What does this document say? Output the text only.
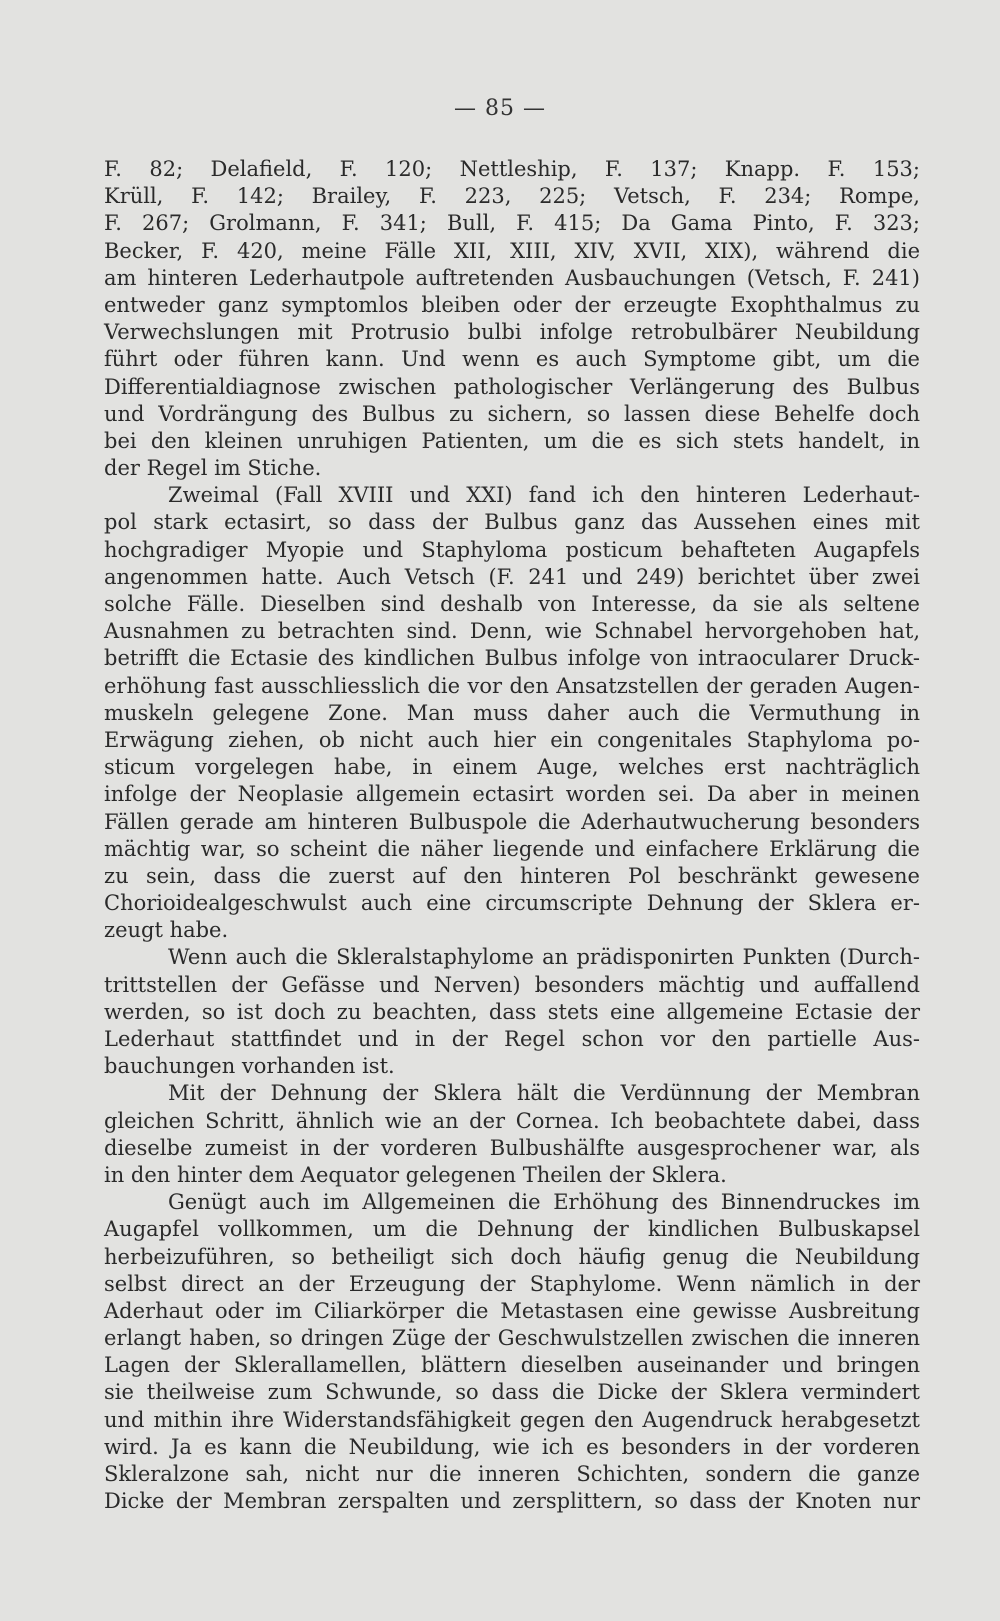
— 85 —
F. 82; Delafield, F. 120; Nettleship, F. 137; Knapp. F. 153;
Krüll, F. 142; Brailey, F. 223, 225; Vetsch, F. 234; Rompe,
F. 267; Grolmann, F. 341; Bull, F. 415; Da Gama Pinto, F. 323;
Becker, F. 420, meine Fälle XII, XIII, XIV, XVII, XIX), während die
am hinteren Lederhautpole auftretenden Ausbauchungen (Vetsch, F. 241)
entweder ganz symptomlos bleiben oder der erzeugte Exophthalmus zu
Verwechslungen mit Protrusio bulbi infolge retrobulbärer Neubildung
führt oder führen kann. Und wenn es auch Symptome gibt, um die
Differentialdiagnose zwischen pathologischer Verlängerung des Bulbus
und Vordrängung des Bulbus zu sichern, so lassen diese Behelfe doch
bei den kleinen unruhigen Patienten, um die es sich stets handelt, in
der Regel im Stiche.
Zweimal (Fall XVIII und XXI) fand ich den hinteren Lederhaut-
pol stark ectasirt, so dass der Bulbus ganz das Aussehen eines mit
hochgradiger Myopie und Staphyloma posticum behafteten Augapfels
angenommen hatte. Auch Vetsch (F. 241 und 249) berichtet über zwei
solche Fälle. Dieselben sind deshalb von Interesse, da sie als seltene
Ausnahmen zu betrachten sind. Denn, wie Schnabel hervorgehoben hat,
betrifft die Ectasie des kindlichen Bulbus infolge von intraocularer Druck-
erhöhung fast ausschliesslich die vor den Ansatzstellen der geraden Augen-
muskeln gelegene Zone. Man muss daher auch die Vermuthung in
Erwägung ziehen, ob nicht auch hier ein congenitales Staphyloma po-
sticum vorgelegen habe, in einem Auge, welches erst nachträglich
infolge der Neoplasie allgemein ectasirt worden sei. Da aber in meinen
Fällen gerade am hinteren Bulbuspole die Aderhautwucherung besonders
mächtig war, so scheint die näher liegende und einfachere Erklärung die
zu sein, dass die zuerst auf den hinteren Pol beschränkt gewesene
Chorioidealgeschwulst auch eine circumscripte Dehnung der Sklera er-
zeugt habe.
Wenn auch die Skleralstaphylome an prädisponirten Punkten (Durch-
trittstellen der Gefässe und Nerven) besonders mächtig und auffallend
werden, so ist doch zu beachten, dass stets eine allgemeine Ectasie der
Lederhaut stattfindet und in der Regel schon vor den partielle Aus-
bauchungen vorhanden ist.
Mit der Dehnung der Sklera hält die Verdünnung der Membran
gleichen Schritt, ähnlich wie an der Cornea. Ich beobachtete dabei, dass
dieselbe zumeist in der vorderen Bulbushälfte ausgesprochener war, als
in den hinter dem Aequator gelegenen Theilen der Sklera.
Genügt auch im Allgemeinen die Erhöhung des Binnendruckes im
Augapfel vollkommen, um die Dehnung der kindlichen Bulbuskapsel
herbeizuführen, so betheiligt sich doch häufig genug die Neubildung
selbst direct an der Erzeugung der Staphylome. Wenn nämlich in der
Aderhaut oder im Ciliarkörper die Metastasen eine gewisse Ausbreitung
erlangt haben, so dringen Züge der Geschwulstzellen zwischen die inneren
Lagen der Sklerallamellen, blättern dieselben auseinander und bringen
sie theilweise zum Schwunde, so dass die Dicke der Sklera vermindert
und mithin ihre Widerstandsfähigkeit gegen den Augendruck herabgesetzt
wird. Ja es kann die Neubildung, wie ich es besonders in der vorderen
Skleralzone sah, nicht nur die inneren Schichten, sondern die ganze
Dicke der Membran zerspalten und zersplittern, so dass der Knoten nur
